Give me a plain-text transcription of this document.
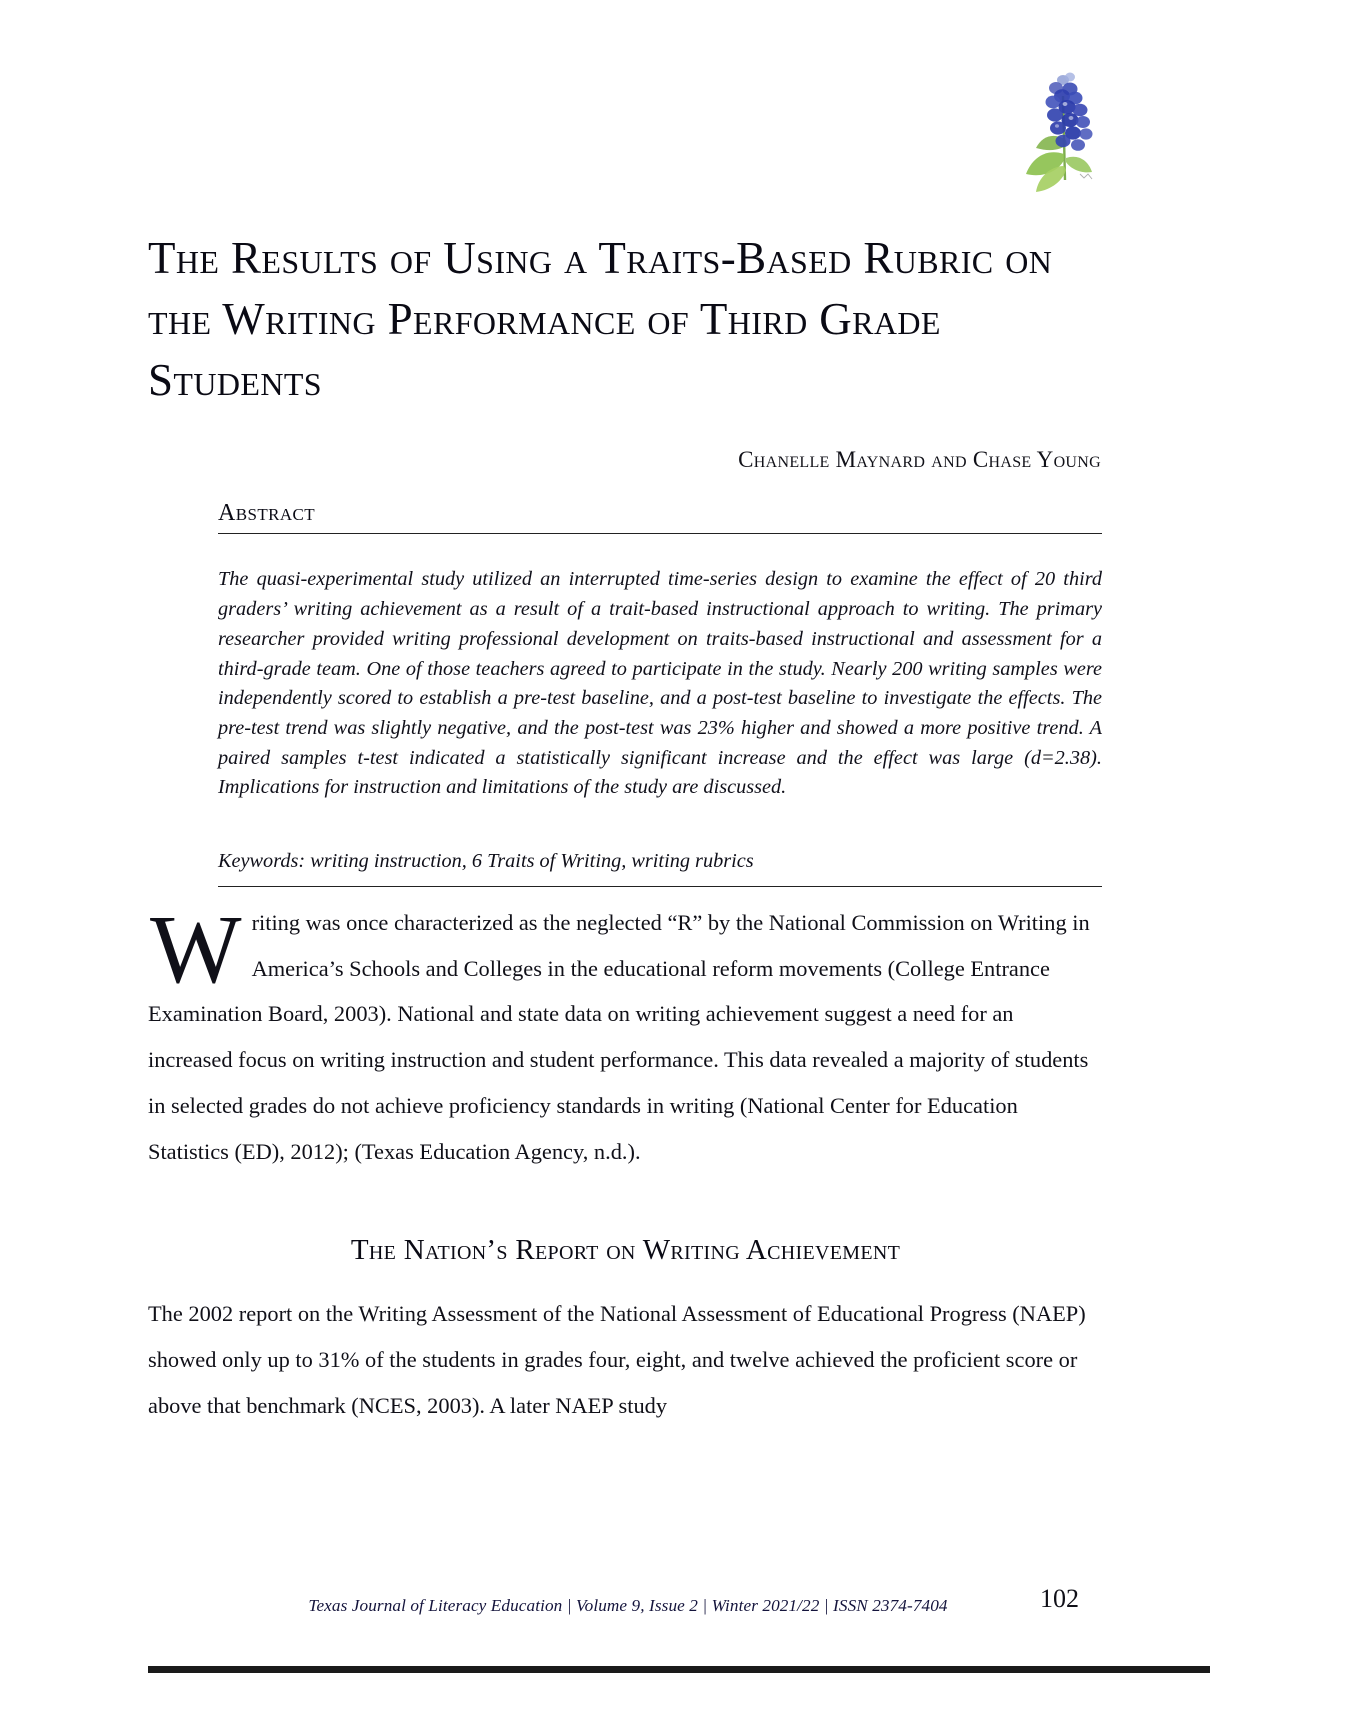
The Results of Using a Traits-Based Rubric on the Writing Performance of Third Grade Students
Chanelle Maynard and Chase Young
Abstract

The quasi-experimental study utilized an interrupted time-series design to examine the effect of 20 third graders’ writing achievement as a result of a trait-based instructional approach to writing. The primary researcher provided writing professional development on traits-based instructional and assessment for a third-grade team. One of those teachers agreed to participate in the study. Nearly 200 writing samples were independently scored to establish a pre-test baseline, and a post-test baseline to investigate the effects. The pre-test trend was slightly negative, and the post-test was 23% higher and showed a more positive trend. A paired samples t-test indicated a statistically significant increase and the effect was large (d=2.38). Implications for instruction and limitations of the study are discussed.

Keywords: writing instruction, 6 Traits of Writing, writing rubrics

Writing was once characterized as the neglected “R” by the National Commission on Writing in America’s Schools and Colleges in the educational reform movements (College Entrance Examination Board, 2003). National and state data on writing achievement suggest a need for an increased focus on writing instruction and student performance. This data revealed a majority of students in selected grades do not achieve proficiency standards in writing (National Center for Education Statistics (ED), 2012); (Texas Education Agency, n.d.).

The Nation’s Report on Writing Achievement

The 2002 report on the Writing Assessment of the National Assessment of Educational Progress (NAEP) showed only up to 31% of the students in grades four, eight, and twelve achieved the proficient score or above that benchmark (NCES, 2003). A later NAEP study

Texas Journal of Literacy Education | Volume 9, Issue 2 | Winter 2021/22 | ISSN 2374-7404	102
